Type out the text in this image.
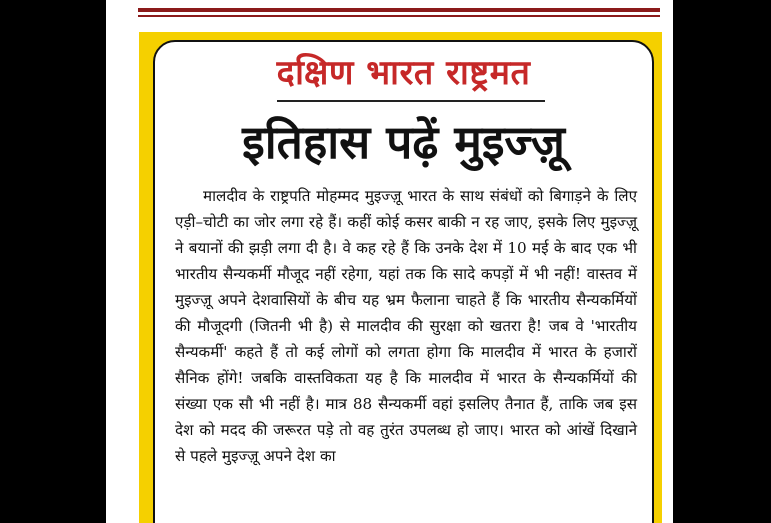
दक्षिण भारत राष्ट्रमत
इतिहास पढ़ें मुइज्ज़ू

मालदीव के राष्ट्रपति मोहम्मद मुइज्ज़ू भारत के साथ संबंधों को बिगाड़ने के लिए एड़ी–चोटी का जोर लगा रहे हैं। कहीं कोई कसर बाकी न रह जाए, इसके लिए मुइज्ज़ू ने बयानों की झड़ी लगा दी है। वे कह रहे हैं कि उनके देश में 10 मई के बाद एक भी भारतीय सैन्यकर्मी मौजूद नहीं रहेगा, यहां तक कि सादे कपड़ों में भी नहीं! वास्तव में मुइज्ज़ू अपने देशवासियों के बीच यह भ्रम फैलाना चाहते हैं कि भारतीय सैन्यकर्मियों की मौजूदगी (जितनी भी है) से मालदीव की सुरक्षा को खतरा है! जब वे 'भारतीय सैन्यकर्मी' कहते हैं तो कई लोगों को लगता होगा कि मालदीव में भारत के हजारों सैनिक होंगे! जबकि वास्तविकता यह है कि मालदीव में भारत के सैन्यकर्मियों की संख्या एक सौ भी नहीं है। मात्र 88 सैन्यकर्मी वहां इसलिए तैनात हैं, ताकि जब इस देश को मदद की जरूरत पड़े तो वह तुरंत उपलब्ध हो जाए। भारत को आंखें दिखाने से पहले मुइज्ज़ू अपने देश का
